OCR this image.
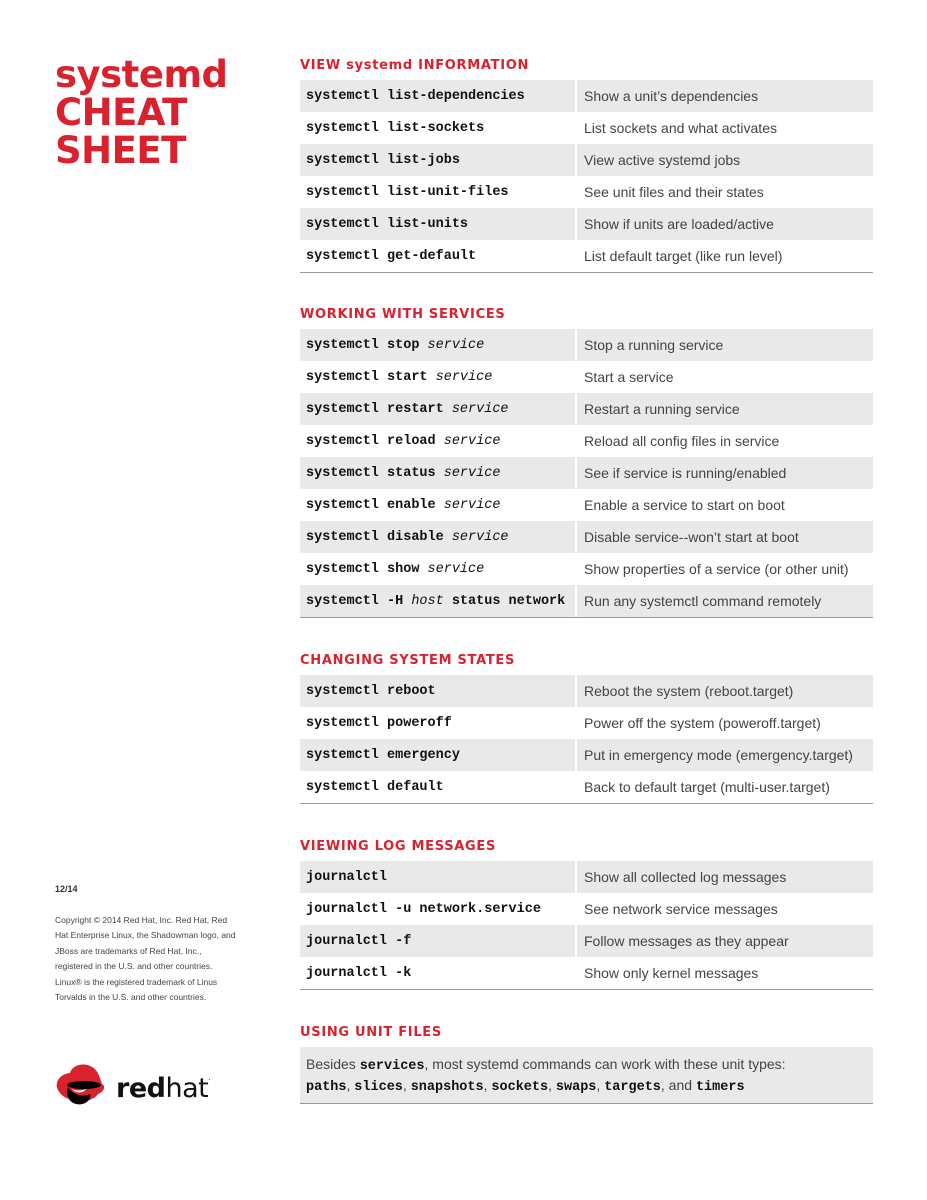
systemd
CHEAT
SHEET
VIEW systemd INFORMATION
systemctl list-dependencies	Show a unit’s dependencies
systemctl list-sockets	List sockets and what activates
systemctl list-jobs	View active systemd jobs
systemctl list-unit-files	See unit files and their states
systemctl list-units	Show if units are loaded/active
systemctl get-default	List default target (like run level)
WORKING WITH SERVICES
systemctl stop service	Stop a running service
systemctl start service	Start a service
systemctl restart service	Restart a running service
systemctl reload service	Reload all config files in service
systemctl status service	See if service is running/enabled
systemctl enable service	Enable a service to start on boot
systemctl disable service	Disable service--won’t start at boot
systemctl show service	Show properties of a service (or other unit)
systemctl -H host status network	Run any systemctl command remotely
CHANGING SYSTEM STATES
systemctl reboot	Reboot the system (reboot.target)
systemctl poweroff	Power off the system (poweroff.target)
systemctl emergency	Put in emergency mode (emergency.target)
systemctl default	Back to default target (multi-user.target)
VIEWING LOG MESSAGES
journalctl	Show all collected log messages
journalctl -u network.service	See network service messages
journalctl -f	Follow messages as they appear
journalctl -k	Show only kernel messages
USING UNIT FILES
Besides services, most systemd commands can work with these unit types:
paths, slices, snapshots, sockets, swaps, targets, and timers
12/14
Copyright © 2014 Red Hat, Inc. Red Hat, Red Hat Enterprise Linux, the Shadowman logo, and JBoss are trademarks of Red Hat, Inc., registered in the U.S. and other countries. Linux® is the registered trademark of Linus Torvalds in the U.S. and other countries.
redhat.
